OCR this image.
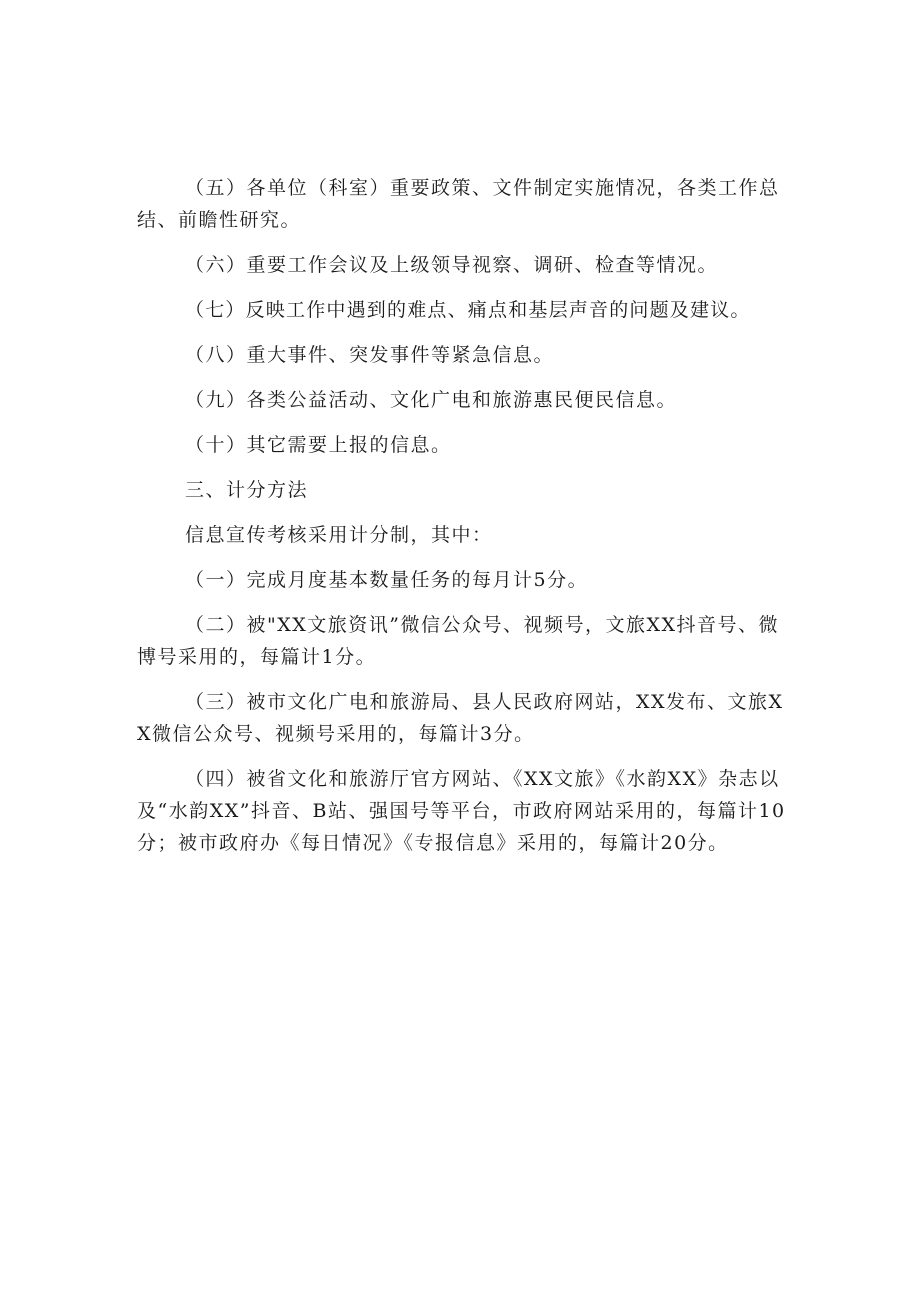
（五）各单位（科室）重要政策、文件制定实施情况，各类工作总结、前瞻性研究。

（六）重要工作会议及上级领导视察、调研、检查等情况。

（七）反映工作中遇到的难点、痛点和基层声音的问题及建议。

（八）重大事件、突发事件等紧急信息。

（九）各类公益活动、文化广电和旅游惠民便民信息。

（十）其它需要上报的信息。

三、计分方法

信息宣传考核采用计分制，其中：

（一）完成月度基本数量任务的每月计5分。

（二）被"XX文旅资讯”微信公众号、视频号，文旅XX抖音号、微博号采用的，每篇计1分。

（三）被市文化广电和旅游局、县人民政府网站，XX发布、文旅XX微信公众号、视频号采用的，每篇计3分。

（四）被省文化和旅游厅官方网站、《XX文旅》《水韵XX》杂志以及“水韵XX”抖音、B站、强国号等平台，市政府网站采用的，每篇计10分；被市政府办《每日情况》《专报信息》采用的，每篇计20分。
